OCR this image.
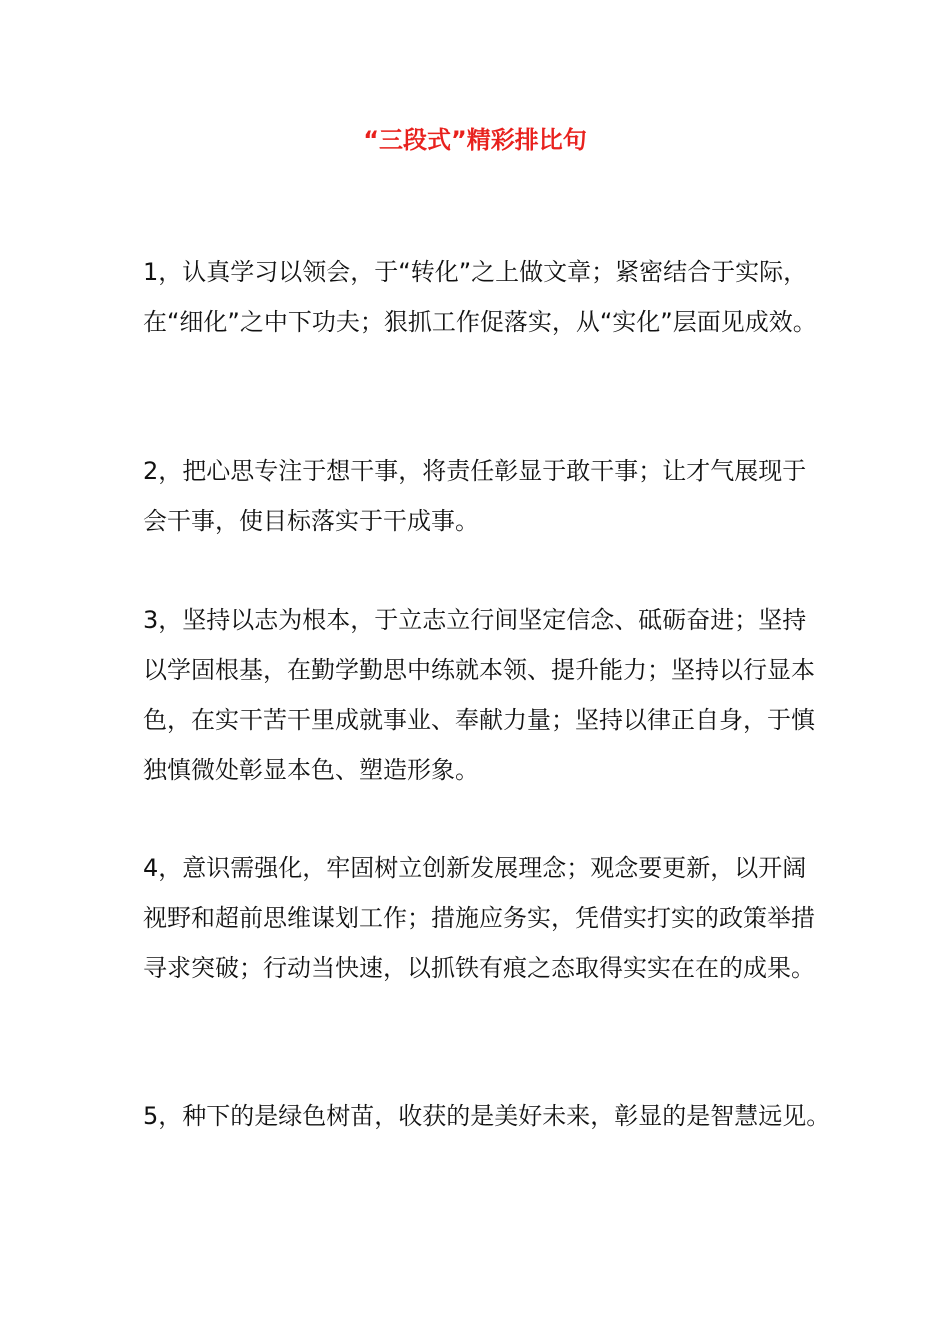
“三段式”精彩排比句

1，认真学习以领会，于“转化”之上做文章；紧密结合于实际，在“细化”之中下功夫；狠抓工作促落实，从“实化”层面见成效。

2，把心思专注于想干事，将责任彰显于敢干事；让才气展现于会干事，使目标落实于干成事。

3，坚持以志为根本，于立志立行间坚定信念、砥砺奋进；坚持以学固根基，在勤学勤思中练就本领、提升能力；坚持以行显本色，在实干苦干里成就事业、奉献力量；坚持以律正自身，于慎独慎微处彰显本色、塑造形象。

4，意识需强化，牢固树立创新发展理念；观念要更新，以开阔视野和超前思维谋划工作；措施应务实，凭借实打实的政策举措寻求突破；行动当快速，以抓铁有痕之态取得实实在在的成果。

5，种下的是绿色树苗，收获的是美好未来，彰显的是智慧远见。
